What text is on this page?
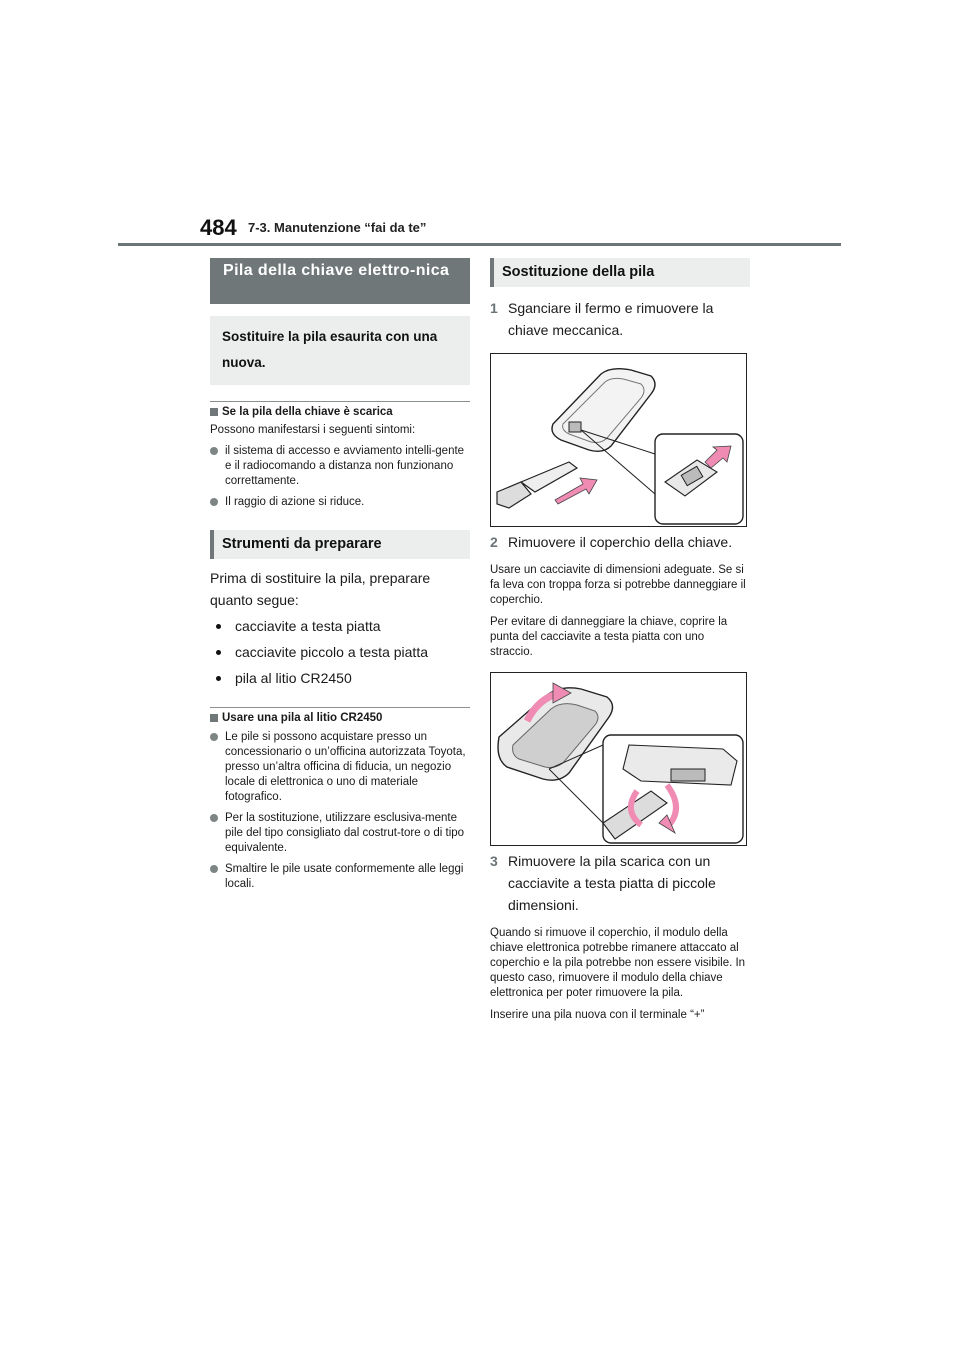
484 7-3. Manutenzione “fai da te”
Pila della chiave elettro-nica
Sostituire la pila esaurita con una nuova.
Se la pila della chiave è scarica
Possono manifestarsi i seguenti sintomi:
il sistema di accesso e avviamento intelli-gente e il radiocomando a distanza non funzionano correttamente.
Il raggio di azione si riduce.
Strumenti da preparare
Prima di sostituire la pila, preparare quanto segue:
cacciavite a testa piatta
cacciavite piccolo a testa piatta
pila al litio CR2450
Usare una pila al litio CR2450
Le pile si possono acquistare presso un concessionario o un’officina autorizzata Toyota, presso un’altra officina di fiducia, un negozio locale di elettronica o uno di materiale fotografico.
Per la sostituzione, utilizzare esclusiva-mente pile del tipo consigliato dal costrut-tore o di tipo equivalente.
Smaltire le pile usate conformemente alle leggi locali.
Sostituzione della pila
1 Sganciare il fermo e rimuovere la chiave meccanica.
2 Rimuovere il coperchio della chiave.
Usare un cacciavite di dimensioni adeguate. Se si fa leva con troppa forza si potrebbe danneggiare il coperchio.
Per evitare di danneggiare la chiave, coprire la punta del cacciavite a testa piatta con uno straccio.
3 Rimuovere la pila scarica con un cacciavite a testa piatta di piccole dimensioni.
Quando si rimuove il coperchio, il modulo della chiave elettronica potrebbe rimanere attaccato al coperchio e la pila potrebbe non essere visibile. In questo caso, rimuovere il modulo della chiave elettronica per poter rimuovere la pila.
Inserire una pila nuova con il terminale “+”
